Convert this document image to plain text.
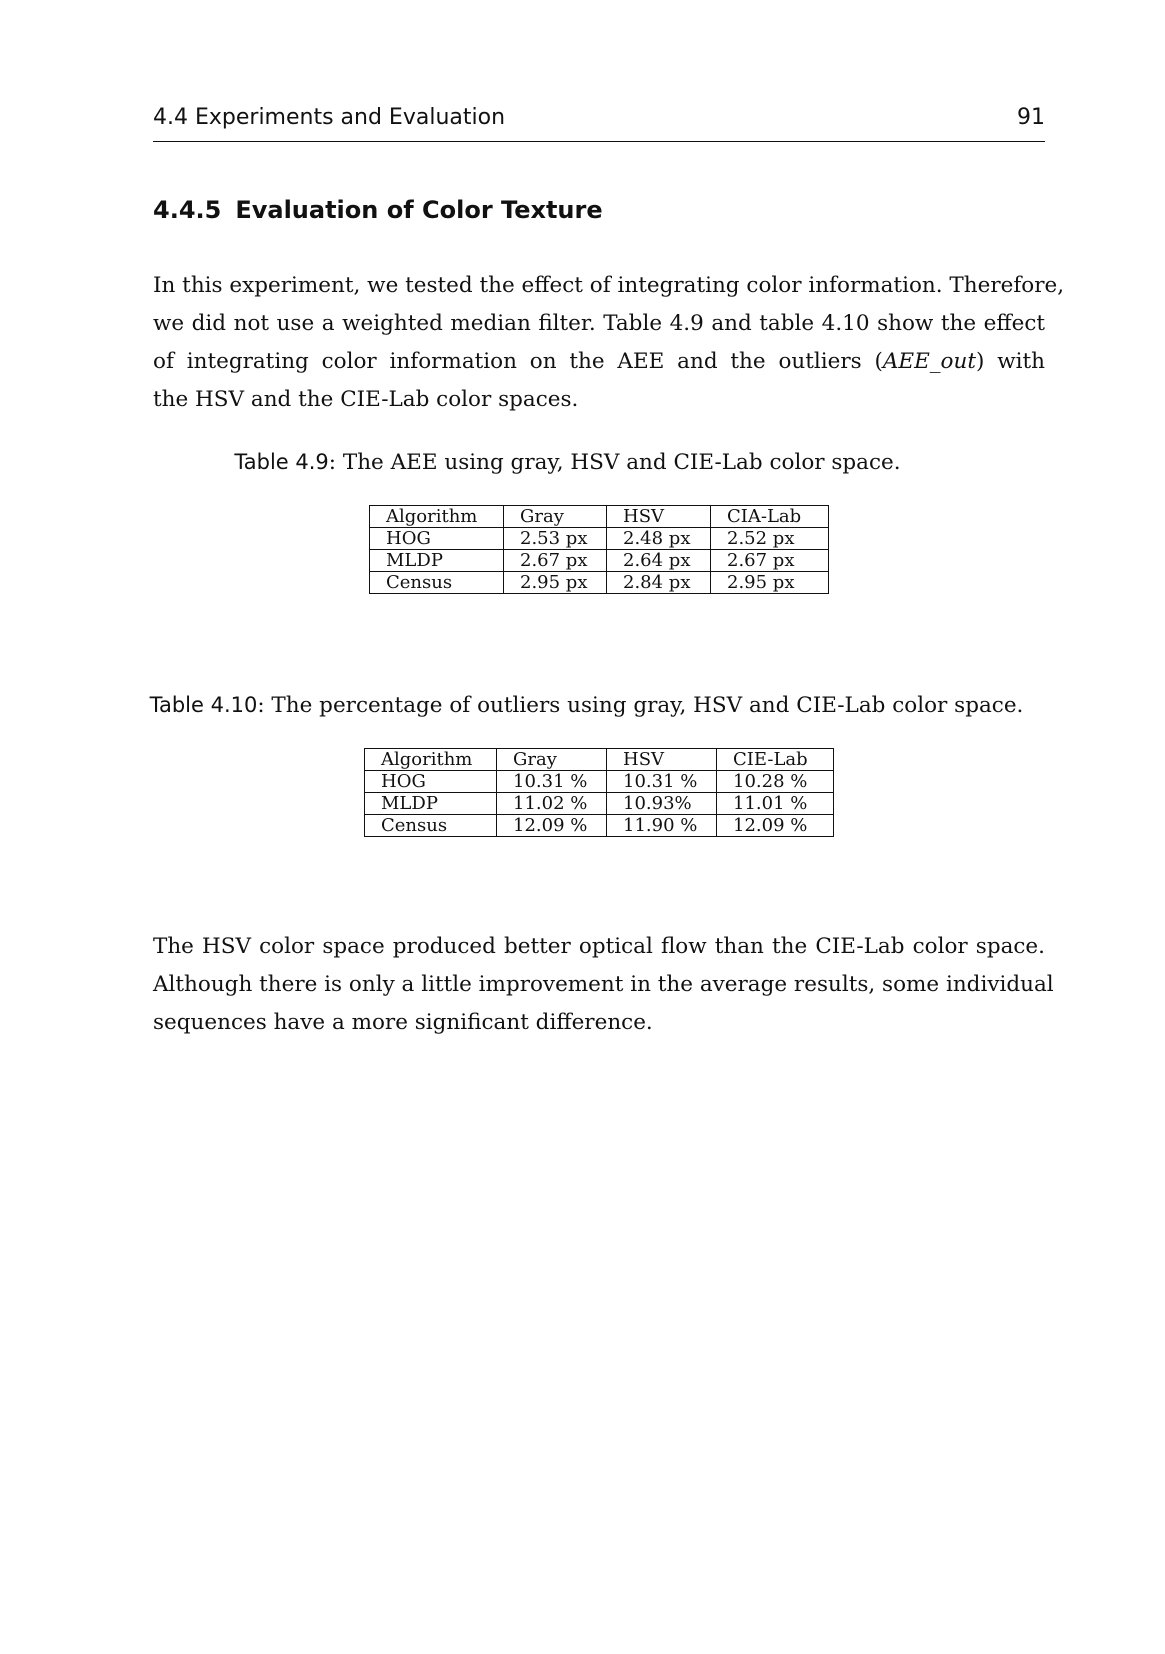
4.4 Experiments and Evaluation	91
4.4.5 Evaluation of Color Texture
In this experiment, we tested the effect of integrating color information. Therefore,
we did not use a weighted median filter. Table 4.9 and table 4.10 show the effect
of integrating color information on the AEE and the outliers (AEE_out) with
the HSV and the CIE-Lab color spaces.
Table 4.9: The AEE using gray, HSV and CIE-Lab color space.
Algorithm	Gray	HSV	CIA-Lab
HOG	2.53 px	2.48 px	2.52 px
MLDP	2.67 px	2.64 px	2.67 px
Census	2.95 px	2.84 px	2.95 px
Table 4.10: The percentage of outliers using gray, HSV and CIE-Lab color space.
Algorithm	Gray	HSV	CIE-Lab
HOG	10.31 %	10.31 %	10.28 %
MLDP	11.02 %	10.93%	11.01 %
Census	12.09 %	11.90 %	12.09 %
The HSV color space produced better optical flow than the CIE-Lab color space.
Although there is only a little improvement in the average results, some individual
sequences have a more significant difference.
